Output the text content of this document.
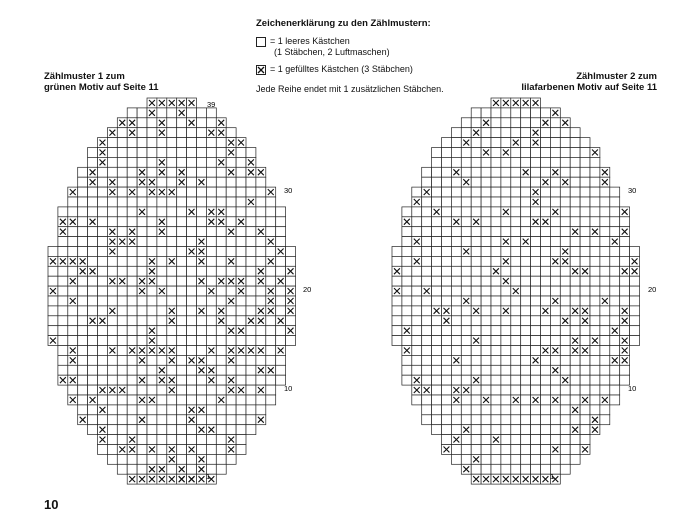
Zeichenerklärung zu den Zählmustern:
= 1 leeres Kästchen
(1 Stäbchen, 2 Luftmaschen)
= 1 gefülltes Kästchen (3 Stäbchen)
Jede Reihe endet mit 1 zusätzlichen Stäbchen.
Zählmuster 1 zum
grünen Motiv auf Seite 11
Zählmuster 2 zum
lilafarbenen Motiv auf Seite 11
39
30
20
10
1
30
20
10
1
10
